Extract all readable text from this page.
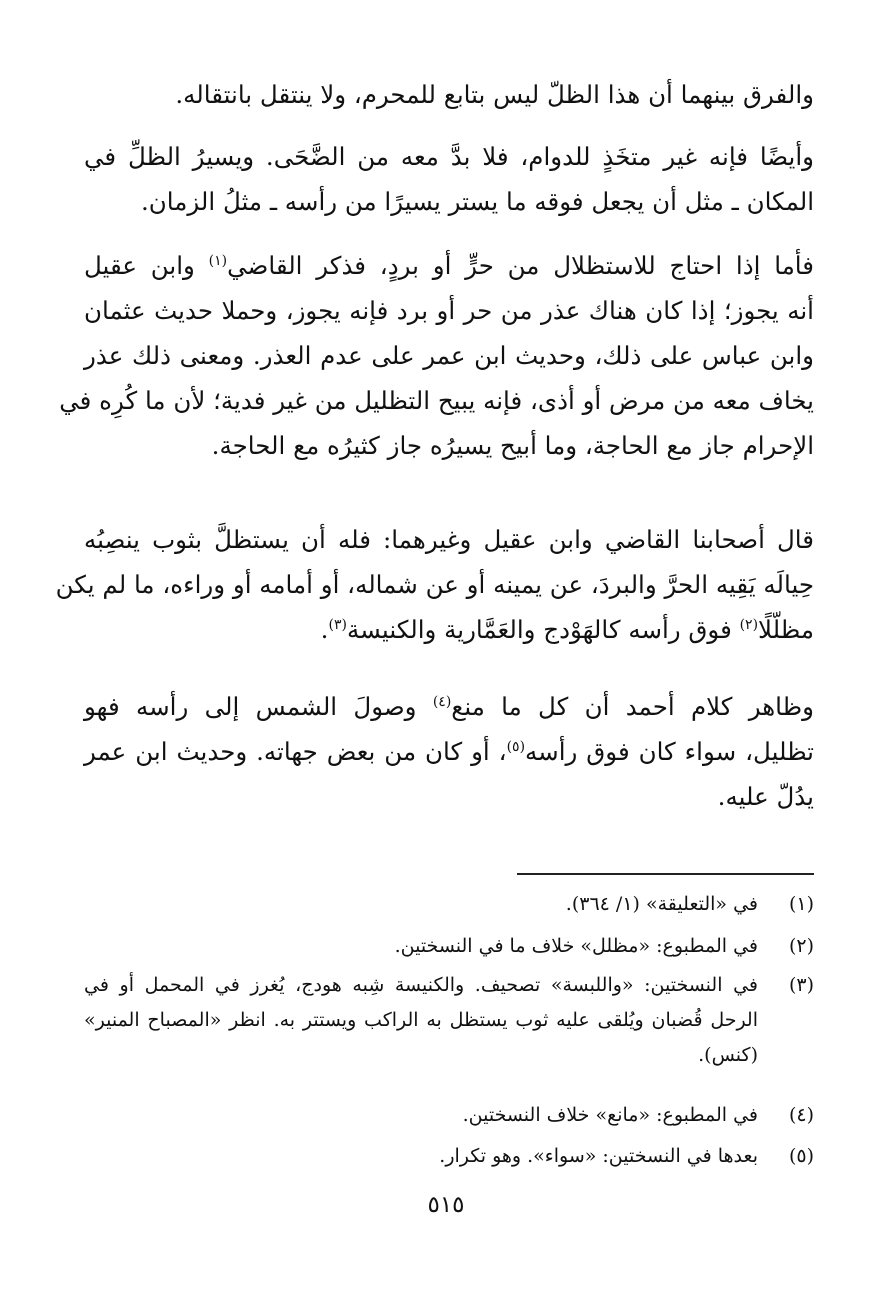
والفرق بينهما أن هذا الظلّ ليس بتابع للمحرم، ولا ينتقل بانتقاله.
وأيضًا فإنه غير متخَذٍ للدوام، فلا بدَّ معه من الضَّحَى. ويسيرُ الظلِّ في
المكان ـ مثل أن يجعل فوقه ما يستر يسيرًا من رأسه ـ مثلُ الزمان.
فأما إذا احتاج للاستظلال من حرٍّ أو بردٍ، فذكر القاضي$^{(١)}$ وابن عقيل
أنه يجوز؛ إذا كان هناك عذر من حر أو برد فإنه يجوز، وحملا حديث عثمان
وابن عباس على ذلك، وحديث ابن عمر على عدم العذر. ومعنى ذلك عذر
يخاف معه من مرض أو أذى، فإنه يبيح التظليل من غير فدية؛ لأن ما كُرِه في
الإحرام جاز مع الحاجة، وما أبيح يسيرُه جاز كثيرُه مع الحاجة.
قال أصحابنا القاضي وابن عقيل وغيرهما: فله أن يستظلَّ بثوب ينصِبُه
حِيالَه يَقِيه الحرَّ والبردَ، عن يمينه أو عن شماله، أو أمامه أو وراءه، ما لم يكن
مظلّلًا$^{(٢)}$ فوق رأسه كالهَوْدج والعَمَّارية والكنيسة$^{(٣)}$.
وظاهر كلام أحمد أن كل ما منع$^{(٤)}$ وصولَ الشمس إلى رأسه فهو
تظليل، سواء كان فوق رأسه$^{(٥)}$، أو كان من بعض جهاته. وحديث ابن عمر
يدُلّ عليه.
(١)
في «التعليقة» (١/ ٣٦٤).
(٢)
في المطبوع: «مظلل» خلاف ما في النسختين.
(٣)
في النسختين: «واللبسة» تصحيف. والكنيسة شِبه هودج، يُغرز في المحمل أو في الرحل قُضبان ويُلقى عليه ثوب يستظل به الراكب ويستتر به. انظر «المصباح المنير» (كنس).
(٤)
في المطبوع: «مانع» خلاف النسختين.
(٥)
بعدها في النسختين: «سواء». وهو تكرار.
٥١٥
